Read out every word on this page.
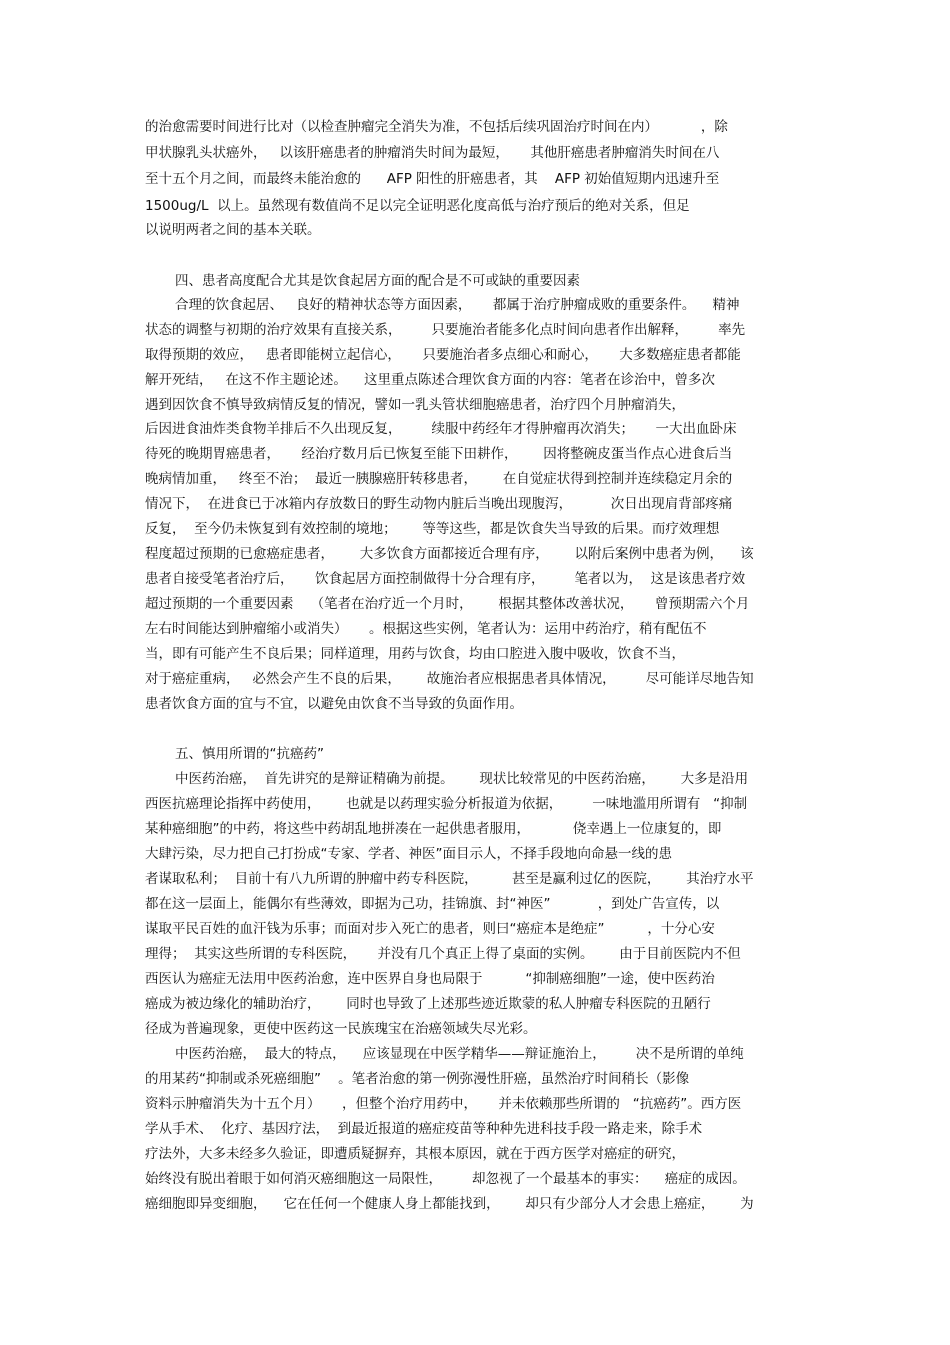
的治愈需要时间进行比对（以检查肿瘤完全消失为准，不包括后续巩固治疗时间在内）          ，除
甲状腺乳头状癌外，   以该肝癌患者的肿瘤消失时间为最短，     其他肝癌患者肿瘤消失时间在八
至十五个月之间，而最终未能治愈的      AFP 阳性的肝癌患者，其    AFP 初始值短期内迅速升至
1500ug/L  以上。虽然现有数值尚不足以完全证明恶化度高低与治疗预后的绝对关系，但足
以说明两者之间的基本关联。
四、患者高度配合尤其是饮食起居方面的配合是不可或缺的重要因素
合理的饮食起居、   良好的精神状态等方面因素，     都属于治疗肿瘤成败的重要条件。    精神
状态的调整与初期的治疗效果有直接关系，       只要施治者能多化点时间向患者作出解释，       率先
取得预期的效应，   患者即能树立起信心，     只要施治者多点细心和耐心，     大多数癌症患者都能
解开死结，   在这不作主题论述。    这里重点陈述合理饮食方面的内容：笔者在诊治中，曾多次
遇到因饮食不慎导致病情反复的情况，譬如一乳头管状细胞癌患者，治疗四个月肿瘤消失，
后因进食油炸类食物羊排后不久出现反复，       续服中药经年才得肿瘤再次消失；     一大出血卧床
待死的晚期胃癌患者，     经治疗数月后已恢复至能下田耕作，      因将整碗皮蛋当作点心进食后当
晚病情加重，   终至不治；  最近一胰腺癌肝转移患者，      在自觉症状得到控制并连续稳定月余的
情况下，  在进食已于冰箱内存放数日的野生动物内脏后当晚出现腹泻，         次日出现肩背部疼痛
反复，  至今仍未恢复到有效控制的境地；      等等这些，都是饮食失当导致的后果。而疗效理想
程度超过预期的已愈癌症患者，      大多饮食方面都接近合理有序，      以附后案例中患者为例，    该
患者自接受笔者治疗后，     饮食起居方面控制做得十分合理有序，       笔者以为，  这是该患者疗效
超过预期的一个重要因素    （笔者在治疗近一个月时，      根据其整体改善状况，     曾预期需六个月
左右时间能达到肿瘤缩小或消失）     。根据这些实例，笔者认为：运用中药治疗，稍有配伍不
当，即有可能产生不良后果；同样道理，用药与饮食，均由口腔进入腹中吸收，饮食不当，
对于癌症重病，   必然会产生不良的后果，      故施治者应根据患者具体情况，       尽可能详尽地告知
患者饮食方面的宜与不宜，以避免由饮食不当导致的负面作用。
五、慎用所谓的“抗癌药”
中医药治癌，  首先讲究的是辩证精确为前提。      现状比较常见的中医药治癌，      大多是沿用
西医抗癌理论指挥中药使用，      也就是以药理实验分析报道为依据，       一味地滥用所谓有   “抑制
某种癌细胞”的中药，将这些中药胡乱地拼凑在一起供患者服用，          侥幸遇上一位康复的，即
大肆污染，尽力把自己打扮成“专家、学者、神医”面目示人，不择手段地向命悬一线的患
者谋取私利；  目前十有八九所谓的肿瘤中药专科医院，        甚至是赢利过亿的医院，      其治疗水平
都在这一层面上，能偶尔有些薄效，即据为己功，挂锦旗、封“神医”           ，到处广告宣传，以
谋取平民百姓的血汗钱为乐事；而面对步入死亡的患者，则曰“癌症本是绝症”          ，十分心安
理得；  其实这些所谓的专科医院，     并没有几个真正上得了桌面的实例。      由于目前医院内不但
西医认为癌症无法用中医药治愈，连中医界自身也局限于          “抑制癌细胞”一途，使中医药治
癌成为被边缘化的辅助治疗，      同时也导致了上述那些迹近欺蒙的私人肿瘤专科医院的丑陋行
径成为普遍现象，更使中医药这一民族瑰宝在治癌领域失尽光彩。
中医药治癌，  最大的特点，    应该显现在中医学精华——辩证施治上，       决不是所谓的单纯
的用某药“抑制或杀死癌细胞”    。笔者治愈的第一例弥漫性肝癌，虽然治疗时间稍长（影像
资料示肿瘤消失为十五个月）     ，但整个治疗用药中，     并未依赖那些所谓的   “抗癌药”。西方医
学从手术、  化疗、基因疗法，  到最近报道的癌症疫苗等种种先进科技手段一路走来，除手术
疗法外，大多未经多久验证，即遭质疑摒弃，其根本原因，就在于西方医学对癌症的研究，
始终没有脱出着眼于如何消灭癌细胞这一局限性，       却忽视了一个最基本的事实：    癌症的成因。
癌细胞即异变细胞，    它在任何一个健康人身上都能找到，      却只有少部分人才会患上癌症，      为
